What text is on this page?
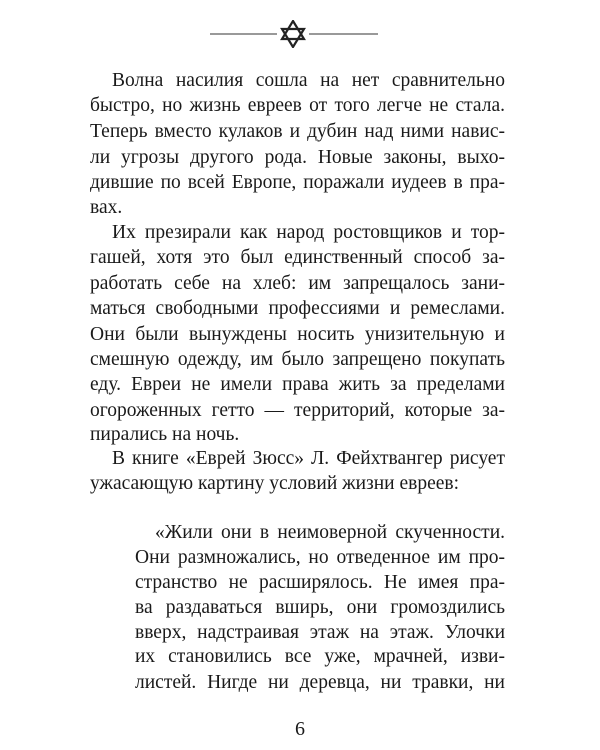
Волна насилия сошла на нет сравнительно
быстро, но жизнь евреев от того легче не стала.
Теперь вместо кулаков и дубин над ними навис-
ли угрозы другого рода. Новые законы, выхо-
дившие по всей Европе, поражали иудеев в пра-
вах.
Их презирали как народ ростовщиков и тор-
гашей, хотя это был единственный способ за-
работать себе на хлеб: им запрещалось зани-
маться свободными профессиями и ремеслами.
Они были вынуждены носить унизительную и
смешную одежду, им было запрещено покупать
еду. Евреи не имели права жить за пределами
огороженных гетто — территорий, которые за-
пирались на ночь.
В книге «Еврей Зюсс» Л. Фейхтвангер рисует
ужасающую картину условий жизни евреев:
«Жили они в неимоверной скученности.
Они размножались, но отведенное им про-
странство не расширялось. Не имея пра-
ва раздаваться вширь, они громоздились
вверх, надстраивая этаж на этаж. Улочки
их становились все уже, мрачней, изви-
листей. Нигде ни деревца, ни травки, ни
6
